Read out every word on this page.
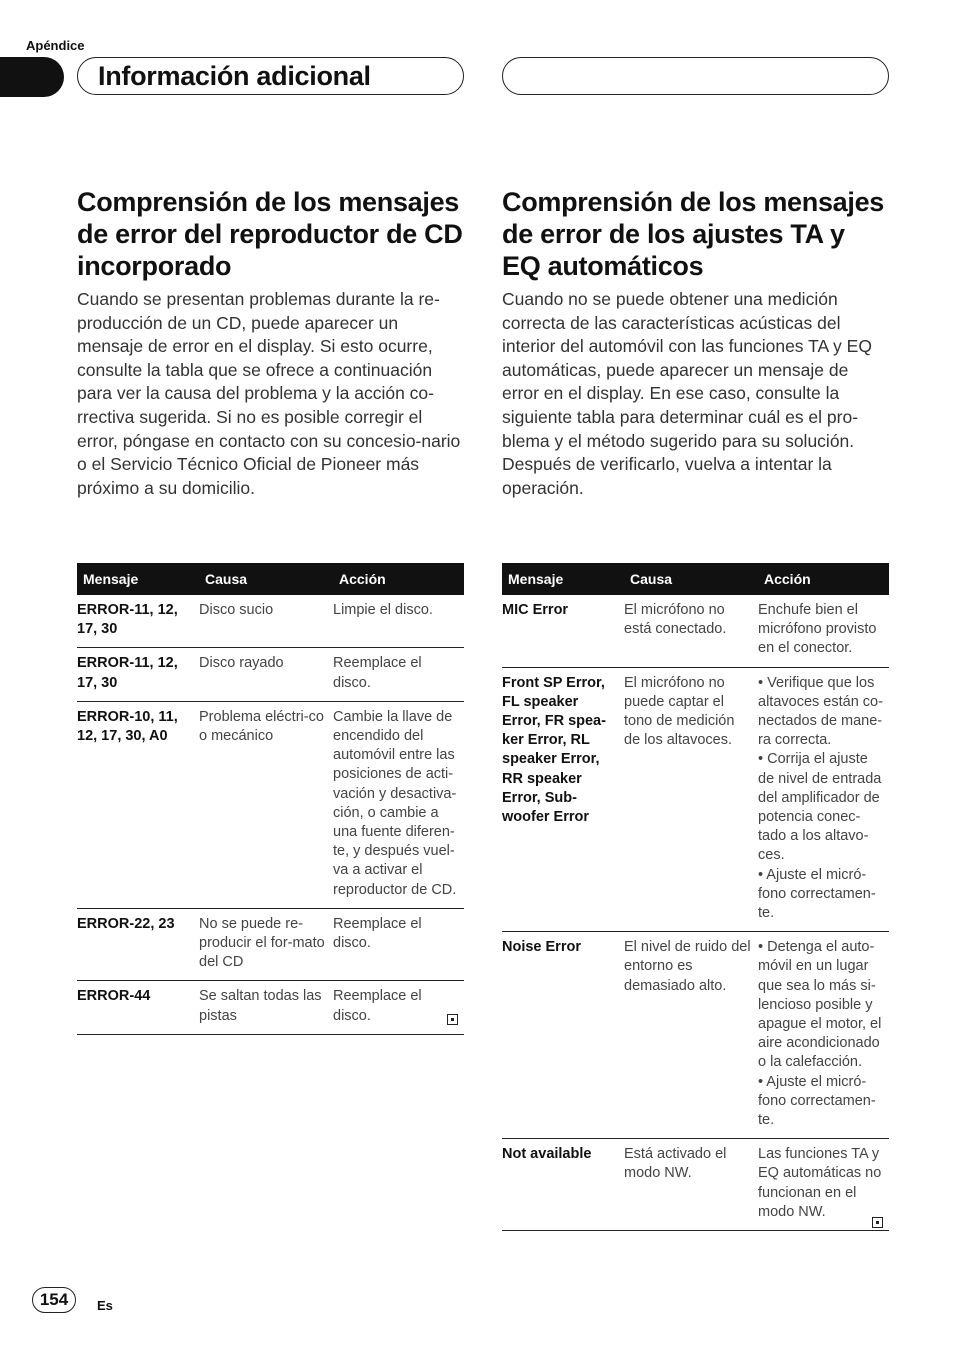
Apéndice
Información adicional
Comprensión de los mensajes de error del reproductor de CD incorporado

Cuando se presentan problemas durante la re-producción de un CD, puede aparecer un mensaje de error en el display. Si esto ocurre, consulte la tabla que se ofrece a continuación para ver la causa del problema y la acción co-rrectiva sugerida. Si no es posible corregir el error, póngase en contacto con su concesio-nario o el Servicio Técnico Oficial de Pioneer más próximo a su domicilio.

Comprensión de los mensajes de error de los ajustes TA y EQ automáticos

Cuando no se puede obtener una medición correcta de las características acústicas del interior del automóvil con las funciones TA y EQ automáticas, puede aparecer un mensaje de error en el display. En ese caso, consulte la siguiente tabla para determinar cuál es el pro-blema y el método sugerido para su solución. Después de verificarlo, vuelva a intentar la operación.

Mensaje	Causa	Acción
ERROR-11, 12, 17, 30	Disco sucio	Limpie el disco.
ERROR-11, 12, 17, 30	Disco rayado	Reemplace el disco.
ERROR-10, 11, 12, 17, 30, A0	Problema eléctri-co o mecánico	Cambie la llave de encendido del automóvil entre las posiciones de acti-vación y desactiva-ción, o cambie a una fuente diferen-te, y después vuel-va a activar el reproductor de CD.
ERROR-22, 23	No se puede re-producir el for-mato del CD	Reemplace el disco.
ERROR-44	Se saltan todas las pistas	Reemplace el disco.
Mensaje	Causa	Acción
MIC Error	El micrófono no está conectado.	Enchufe bien el micrófono provisto en el conector.
Front SP Error, FL speaker Error, FR spea-ker Error, RL speaker Error, RR speaker Error, Sub-woofer Error	El micrófono no puede captar el tono de medición de los altavoces.	• Verifique que los altavoces están co-nectados de mane-ra correcta.
• Corrija el ajuste de nivel de entrada del amplificador de potencia conec-tado a los altavo-ces.
• Ajuste el micró-fono correctamen-te.
Noise Error	El nivel de ruido del entorno es demasiado alto.	• Detenga el auto-móvil en un lugar que sea lo más si-lencioso posible y apague el motor, el aire acondicionado o la calefacción.
• Ajuste el micró-fono correctamen-te.
Not available	Está activado el modo NW.	Las funciones TA y EQ automáticas no funcionan en el modo NW.
154	Es
